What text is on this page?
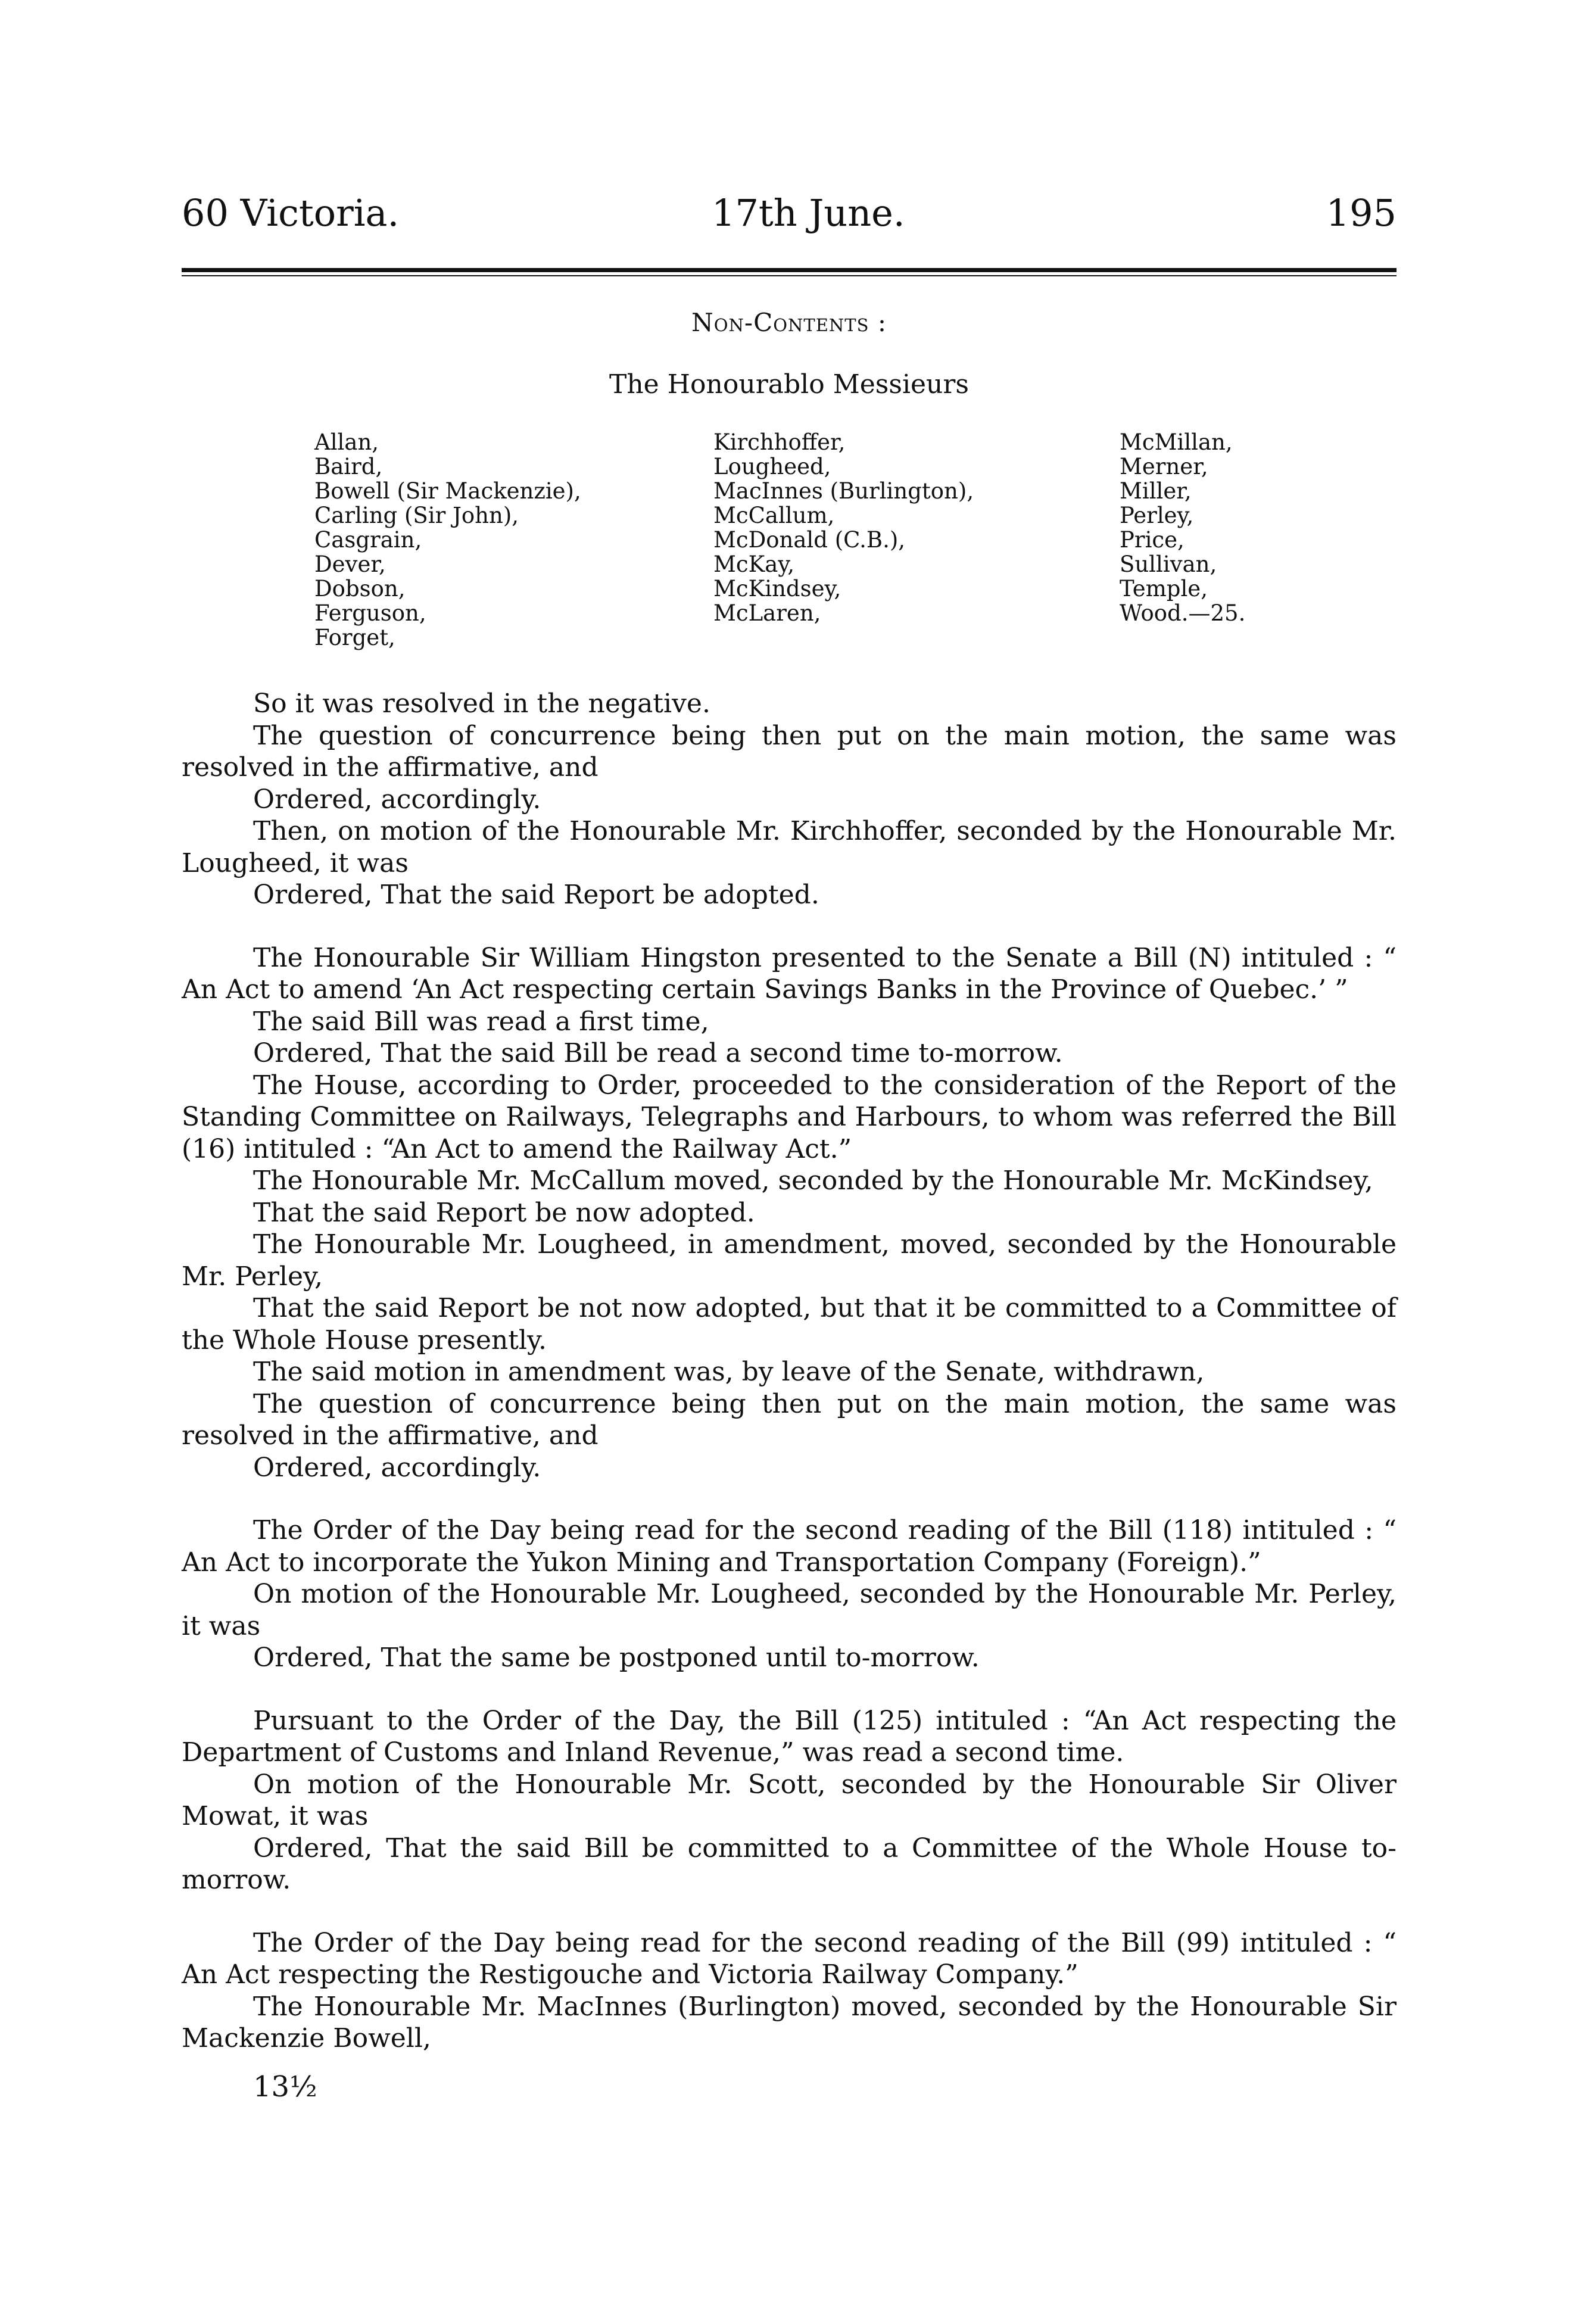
60 Victoria.	17th June.	195
Non-Contents :
The Honourablo Messieurs
Allan,
Baird,
Bowell (Sir Mackenzie),
Carling (Sir John),
Casgrain,
Dever,
Dobson,
Ferguson,
Forget,
Kirchhoffer,
Lougheed,
MacInnes (Burlington),
McCallum,
McDonald (C.B.),
McKay,
McKindsey,
McLaren,
McMillan,
Merner,
Miller,
Perley,
Price,
Sullivan,
Temple,
Wood.—25.

So it was resolved in the negative.

The question of concurrence being then put on the main motion, the same was resolved in the affirmative, and

Ordered, accordingly.

Then, on motion of the Honourable Mr. Kirchhoffer, seconded by the Honourable Mr. Lougheed, it was

Ordered, That the said Report be adopted.

The Honourable Sir William Hingston presented to the Senate a Bill (N) intituled : “ An Act to amend ‘An Act respecting certain Savings Banks in the Province of Quebec.’ ”

The said Bill was read a first time,

Ordered, That the said Bill be read a second time to-morrow.

The House, according to Order, proceeded to the consideration of the Report of the Standing Committee on Railways, Telegraphs and Harbours, to whom was referred the Bill (16) intituled : “An Act to amend the Railway Act.”

The Honourable Mr. McCallum moved, seconded by the Honourable Mr. McKindsey,

That the said Report be now adopted.

The Honourable Mr. Lougheed, in amendment, moved, seconded by the Honourable Mr. Perley,

That the said Report be not now adopted, but that it be committed to a Committee of the Whole House presently.

The said motion in amendment was, by leave of the Senate, withdrawn,

The question of concurrence being then put on the main motion, the same was resolved in the affirmative, and

Ordered, accordingly.

The Order of the Day being read for the second reading of the Bill (118) intituled : “ An Act to incorporate the Yukon Mining and Transportation Company (Foreign).”

On motion of the Honourable Mr. Lougheed, seconded by the Honourable Mr. Perley, it was

Ordered, That the same be postponed until to-morrow.

Pursuant to the Order of the Day, the Bill (125) intituled : “An Act respecting the Department of Customs and Inland Revenue,” was read a second time.

On motion of the Honourable Mr. Scott, seconded by the Honourable Sir Oliver Mowat, it was

Ordered, That the said Bill be committed to a Committee of the Whole House to-morrow.

The Order of the Day being read for the second reading of the Bill (99) intituled : “ An Act respecting the Restigouche and Victoria Railway Company.”

The Honourable Mr. MacInnes (Burlington) moved, seconded by the Honourable Sir Mackenzie Bowell,

13½
